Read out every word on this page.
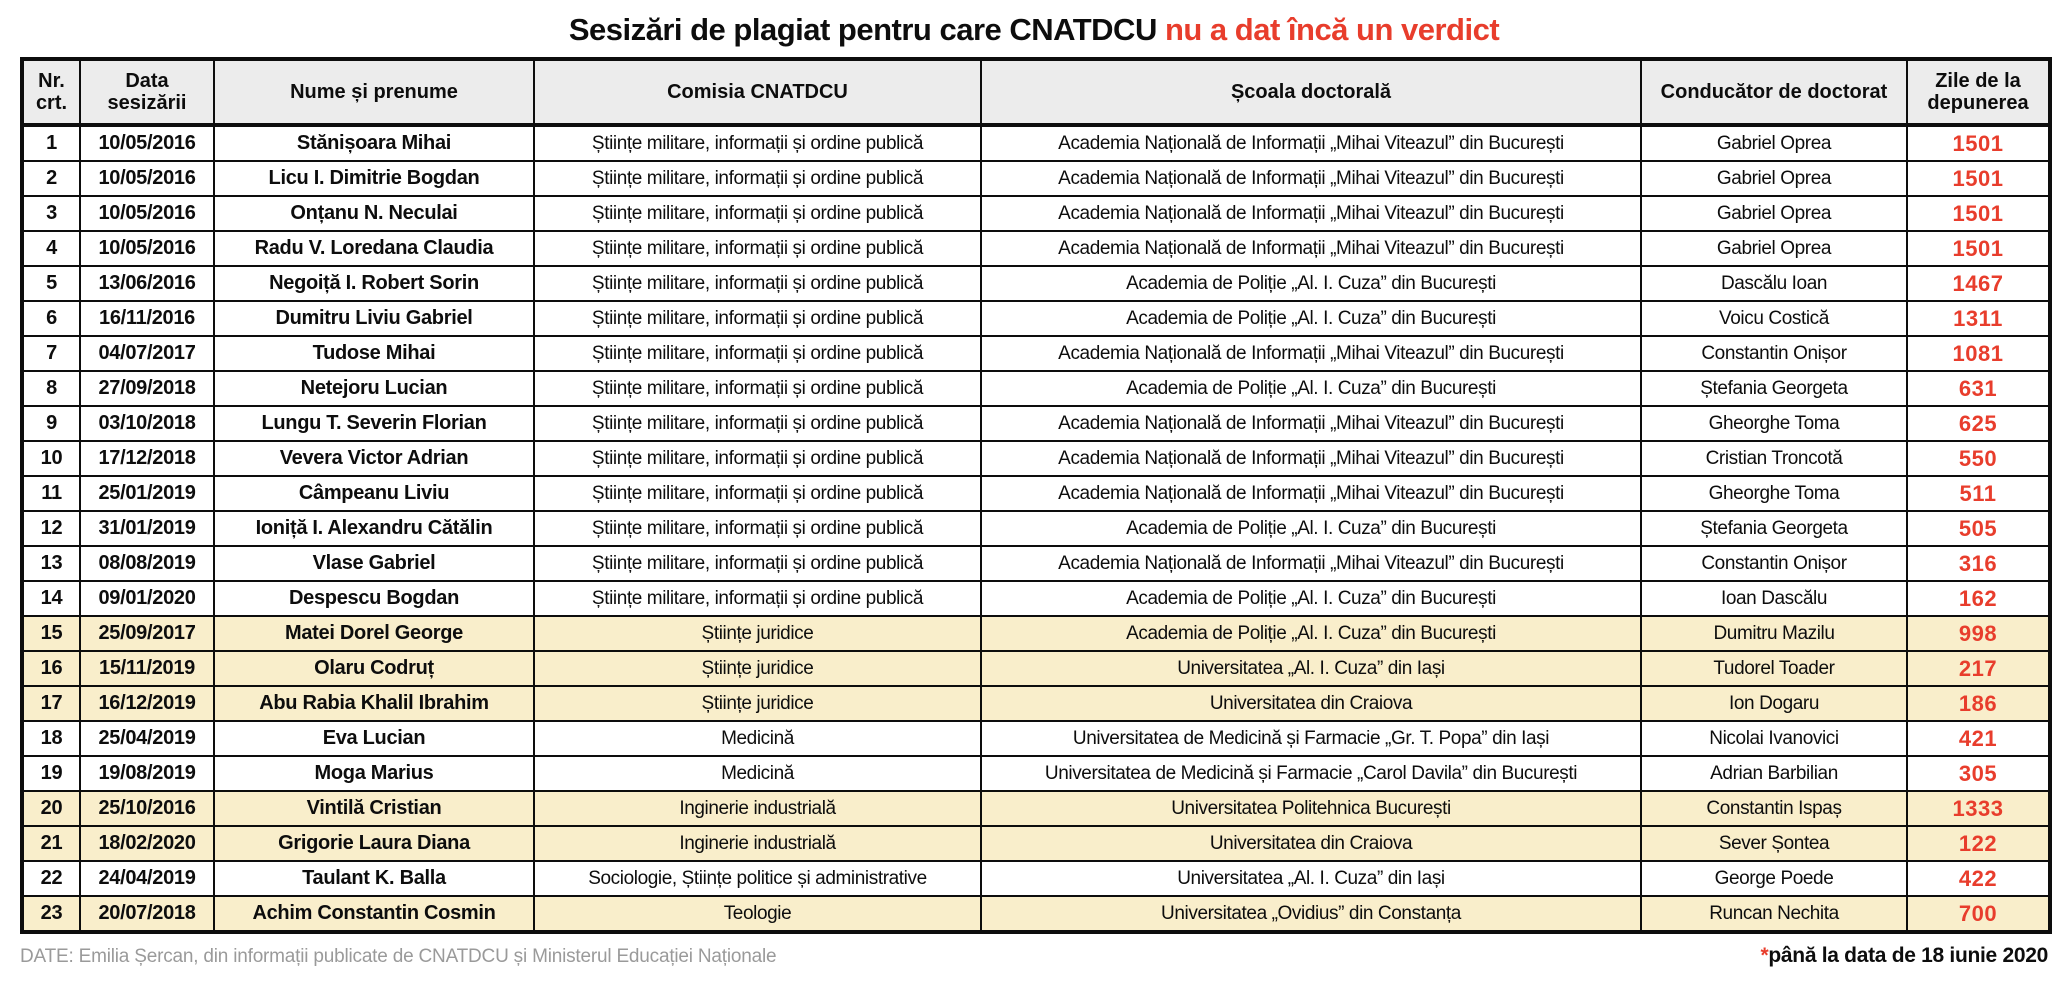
Sesizări de plagiat pentru care CNATDCU nu a dat încă un verdict
Nr. crt.	Data sesizării	Nume și prenume	Comisia CNATDCU	Școala doctorală	Conducător de doctorat	Zile de la depunerea
1	10/05/2016	Stănișoara Mihai	Științe militare, informații și ordine publică	Academia Națională de Informații „Mihai Viteazul” din București	Gabriel Oprea	1501
2	10/05/2016	Licu I. Dimitrie Bogdan	Științe militare, informații și ordine publică	Academia Națională de Informații „Mihai Viteazul” din București	Gabriel Oprea	1501
3	10/05/2016	Onțanu N. Neculai	Științe militare, informații și ordine publică	Academia Națională de Informații „Mihai Viteazul” din București	Gabriel Oprea	1501
4	10/05/2016	Radu V. Loredana Claudia	Științe militare, informații și ordine publică	Academia Națională de Informații „Mihai Viteazul” din București	Gabriel Oprea	1501
5	13/06/2016	Negoiță I. Robert Sorin	Științe militare, informații și ordine publică	Academia de Poliție „Al. I. Cuza” din București	Dascălu Ioan	1467
6	16/11/2016	Dumitru Liviu Gabriel	Științe militare, informații și ordine publică	Academia de Poliție „Al. I. Cuza” din București	Voicu Costică	1311
7	04/07/2017	Tudose Mihai	Științe militare, informații și ordine publică	Academia Națională de Informații „Mihai Viteazul” din București	Constantin Onișor	1081
8	27/09/2018	Netejoru Lucian	Științe militare, informații și ordine publică	Academia de Poliție „Al. I. Cuza” din București	Ștefania Georgeta	631
9	03/10/2018	Lungu T. Severin Florian	Științe militare, informații și ordine publică	Academia Națională de Informații „Mihai Viteazul” din București	Gheorghe Toma	625
10	17/12/2018	Vevera Victor Adrian	Științe militare, informații și ordine publică	Academia Națională de Informații „Mihai Viteazul” din București	Cristian Troncotă	550
11	25/01/2019	Câmpeanu Liviu	Științe militare, informații și ordine publică	Academia Națională de Informații „Mihai Viteazul” din București	Gheorghe Toma	511
12	31/01/2019	Ioniță I. Alexandru Cătălin	Științe militare, informații și ordine publică	Academia de Poliție „Al. I. Cuza” din București	Ștefania Georgeta	505
13	08/08/2019	Vlase Gabriel	Științe militare, informații și ordine publică	Academia Națională de Informații „Mihai Viteazul” din București	Constantin Onișor	316
14	09/01/2020	Despescu Bogdan	Științe militare, informații și ordine publică	Academia de Poliție „Al. I. Cuza” din București	Ioan Dascălu	162
15	25/09/2017	Matei Dorel George	Științe juridice	Academia de Poliție „Al. I. Cuza” din București	Dumitru Mazilu	998
16	15/11/2019	Olaru Codruț	Științe juridice	Universitatea „Al. I. Cuza” din Iași	Tudorel Toader	217
17	16/12/2019	Abu Rabia Khalil Ibrahim	Științe juridice	Universitatea din Craiova	Ion Dogaru	186
18	25/04/2019	Eva Lucian	Medicină	Universitatea de Medicină și Farmacie „Gr. T. Popa” din Iași	Nicolai Ivanovici	421
19	19/08/2019	Moga Marius	Medicină	Universitatea de Medicină și Farmacie „Carol Davila” din București	Adrian Barbilian	305
20	25/10/2016	Vintilă Cristian	Inginerie industrială	Universitatea Politehnica București	Constantin Ispaș	1333
21	18/02/2020	Grigorie Laura Diana	Inginerie industrială	Universitatea din Craiova	Sever Șontea	122
22	24/04/2019	Taulant K. Balla	Sociologie, Științe politice și administrative	Universitatea „Al. I. Cuza” din Iași	George Poede	422
23	20/07/2018	Achim Constantin Cosmin	Teologie	Universitatea „Ovidius” din Constanța	Runcan Nechita	700
DATE: Emilia Șercan, din informații publicate de CNATDCU și Ministerul Educației Naționale	*până la data de 18 iunie 2020
